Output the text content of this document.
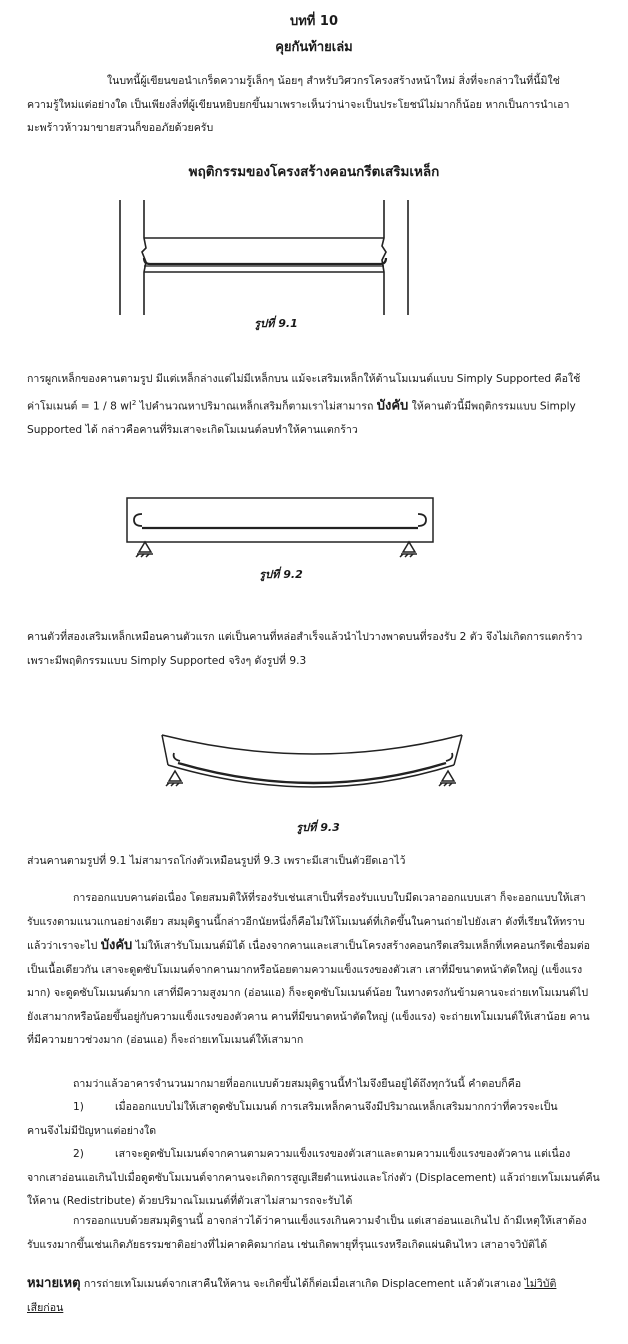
บทที่ 10
คุยกันท้ายเล่ม
ในบทนี้ผู้เขียนขอนำเกร็ดความรู้เล็กๆ น้อยๆ สำหรับวิศวกรโครงสร้างหน้าใหม่ สิ่งที่จะกล่าวในที่นี้มิใช่
ความรู้ใหม่แต่อย่างใด เป็นเพียงสิ่งที่ผู้เขียนหยิบยกขึ้นมาเพราะเห็นว่าน่าจะเป็นประโยชน์ไม่มากก็น้อย หากเป็นการนำเอา
มะพร้าวห้าวมาขายสวนก็ขออภัยด้วยครับ
พฤติกรรมของโครงสร้างคอนกรีตเสริมเหล็ก
รูปที่ 9.1
การผูกเหล็กของคานตามรูป มีแต่เหล็กล่างแต่ไม่มีเหล็กบน แม้จะเสริมเหล็กให้ต้านโมเมนต์แบบ Simply Supported คือใช้
ค่าโมเมนต์ = 1 / 8 $wl^2$ ไปคำนวณหาปริมาณเหล็กเสริมก็ตามเราไม่สามารถ บังคับ ให้คานตัวนี้มีพฤติกรรมแบบ Simply
Supported ได้ กล่าวคือคานที่ริมเสาจะเกิดโมเมนต์ลบทำให้คานแตกร้าว
รูปที่ 9.2
คานตัวที่สองเสริมเหล็กเหมือนคานตัวแรก แต่เป็นคานที่หล่อสำเร็จแล้วนำไปวางพาดบนที่รองรับ 2 ตัว จึงไม่เกิดการแตกร้าว
เพราะมีพฤติกรรมแบบ Simply Supported จริงๆ ดังรูปที่ 9.3
รูปที่ 9.3
ส่วนคานตามรูปที่ 9.1 ไม่สามารถโก่งตัวเหมือนรูปที่ 9.3 เพราะมีเสาเป็นตัวยึดเอาไว้
การออกแบบคานต่อเนื่อง โดยสมมติให้ที่รองรับเช่นเสาเป็นที่รองรับแบบใบมีดเวลาออกแบบเสา ก็จะออกแบบให้เสา
รับแรงตามแนวแกนอย่างเดียว สมมุติฐานนี้กล่าวอีกนัยหนึ่งก็คือไม่ให้โมเมนต์ที่เกิดขึ้นในคานถ่ายไปยังเสา ดังที่เรียนให้ทราบ
แล้วว่าเราจะไป บังคับ ไม่ให้เสารับโมเมนต์มิได้ เนื่องจากคานและเสาเป็นโครงสร้างคอนกรีตเสริมเหล็กที่เทคอนกรีตเชื่อมต่อ
เป็นเนื้อเดียวกัน เสาจะดูดซับโมเมนต์จากคานมากหรือน้อยตามความแข็งแรงของตัวเสา เสาที่มีขนาดหน้าตัดใหญ่ (แข็งแรง
มาก) จะดูดซับโมเมนต์มาก เสาที่มีความสูงมาก (อ่อนแอ) ก็จะดูดซับโมเมนต์น้อย ในทางตรงกันข้ามคานจะถ่ายเทโมเมนต์ไป
ยังเสามากหรือน้อยขึ้นอยู่กับความแข็งแรงของตัวคาน คานที่มีขนาดหน้าตัดใหญ่ (แข็งแรง) จะถ่ายเทโมเมนต์ให้เสาน้อย คาน
ที่มีความยาวช่วงมาก (อ่อนแอ) ก็จะถ่ายเทโมเมนต์ให้เสามาก
ถามว่าแล้วอาคารจำนวนมากมายที่ออกแบบด้วยสมมุติฐานนี้ทำไมจึงยืนอยู่ได้ถึงทุกวันนี้ คำตอบก็คือ
1)	เมื่อออกแบบไม่ให้เสาดูดซับโมเมนต์ การเสริมเหล็กคานจึงมีปริมาณเหล็กเสริมมากกว่าที่ควรจะเป็น
คานจึงไม่มีปัญหาแต่อย่างใด
2)	เสาจะดูดซับโมเมนต์จากคานตามความแข็งแรงของตัวเสาและตามความแข็งแรงของตัวคาน แต่เนื่อง
จากเสาอ่อนแอเกินไปเมื่อดูดซับโมเมนต์จากคานจะเกิดการสูญเสียตำแหน่งและโก่งตัว (Displacement) แล้วถ่ายเทโมเมนต์คืน
ให้คาน (Redistribute) ด้วยปริมาณโมเมนต์ที่ตัวเสาไม่สามารถจะรับได้
การออกแบบด้วยสมมุติฐานนี้ อาจกล่าวได้ว่าคานแข็งแรงเกินความจำเป็น แต่เสาอ่อนแอเกินไป ถ้ามีเหตุให้เสาต้อง
รับแรงมากขึ้นเช่นเกิดภัยธรรมชาติอย่างที่ไม่คาดคิดมาก่อน เช่นเกิดพายุที่รุนแรงหรือเกิดแผ่นดินไหว เสาอาจวิบัติได้
หมายเหตุ การถ่ายเทโมเมนต์จากเสาคืนให้คาน จะเกิดขึ้นได้ก็ต่อเมื่อเสาเกิด Displacement แล้วตัวเสาเอง ไม่วิบัติ
เสียก่อน
